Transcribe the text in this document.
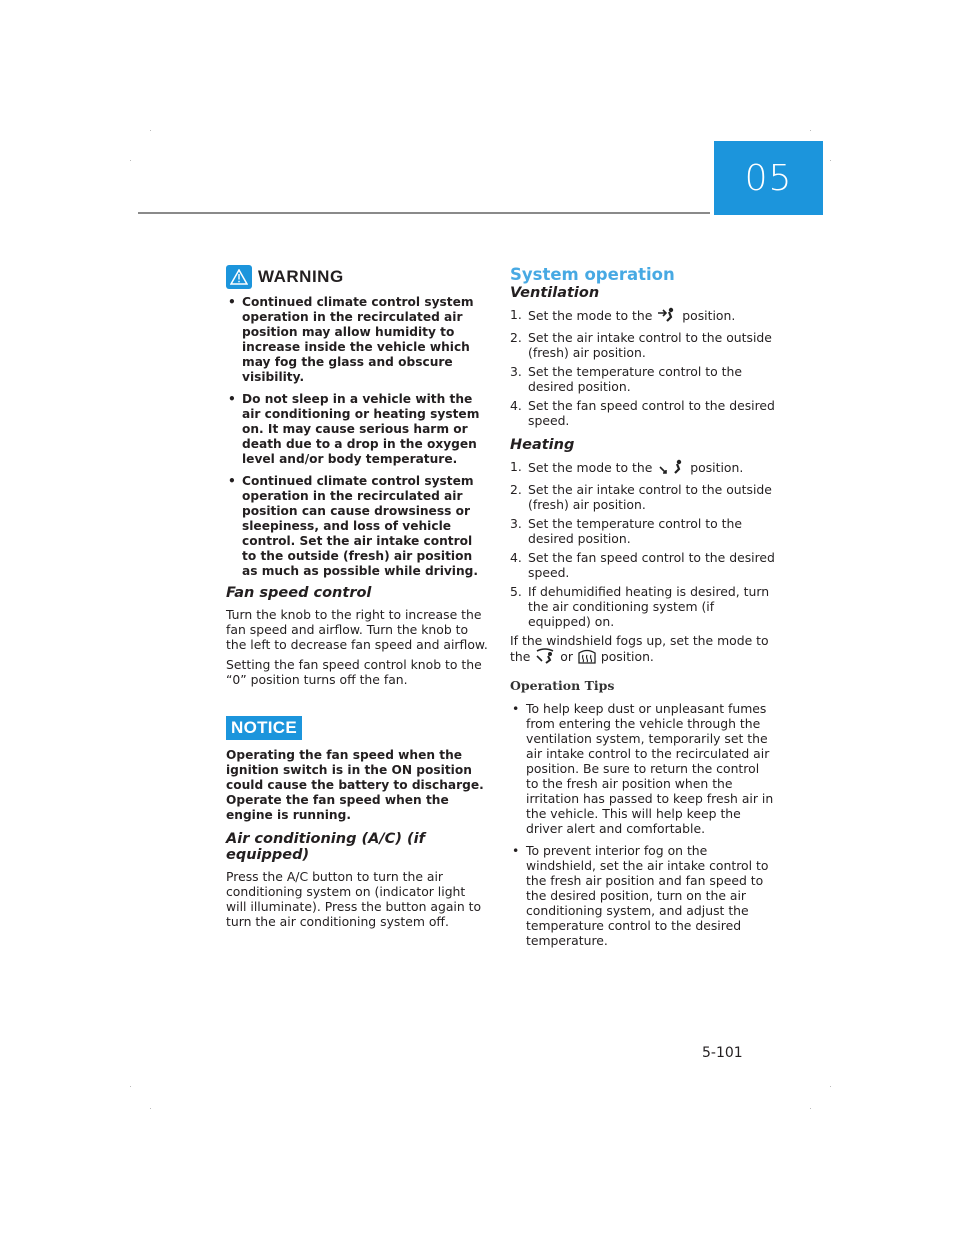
05
WARNING
• Continued climate control system operation in the recirculated air position may allow humidity to increase inside the vehicle which may fog the glass and obscure visibility.
• Do not sleep in a vehicle with the air conditioning or heating system on. It may cause serious harm or death due to a drop in the oxygen level and/or body temperature.
• Continued climate control system operation in the recirculated air position can cause drowsiness or sleepiness, and loss of vehicle control. Set the air intake control to the outside (fresh) air position as much as possible while driving.
Fan speed control

Turn the knob to the right to increase the fan speed and airflow. Turn the knob to the left to decrease fan speed and airflow.

Setting the fan speed control knob to the “0” position turns off the fan.

NOTICE

Operating the fan speed when the ignition switch is in the ON position could cause the battery to discharge. Operate the fan speed when the engine is running.

Air conditioning (A/C) (if equipped)

Press the A/C button to turn the air conditioning system on (indicator light will illuminate). Press the button again to turn the air conditioning system off.

System operation
Ventilation
1. Set the mode to the position.
2. Set the air intake control to the outside (fresh) air position.
3. Set the temperature control to the desired position.
4. Set the fan speed control to the desired speed.
Heating
1. Set the mode to the	position.
2. Set the air intake control to the outside (fresh) air position.
3. Set the temperature control to the desired position.
4. Set the fan speed control to the desired speed.
5. If dehumidified heating is desired, turn the air conditioning system (if equipped) on.

If the windshield fogs up, set the mode to the or position.

Operation Tips
• To help keep dust or unpleasant fumes from entering the vehicle through the ventilation system, temporarily set the air intake control to the recirculated air position. Be sure to return the control to the fresh air position when the irritation has passed to keep fresh air in the vehicle. This will help keep the driver alert and comfortable.
• To prevent interior fog on the windshield, set the air intake control to the fresh air position and fan speed to the desired position, turn on the air conditioning system, and adjust the temperature control to the desired temperature.
5-101
